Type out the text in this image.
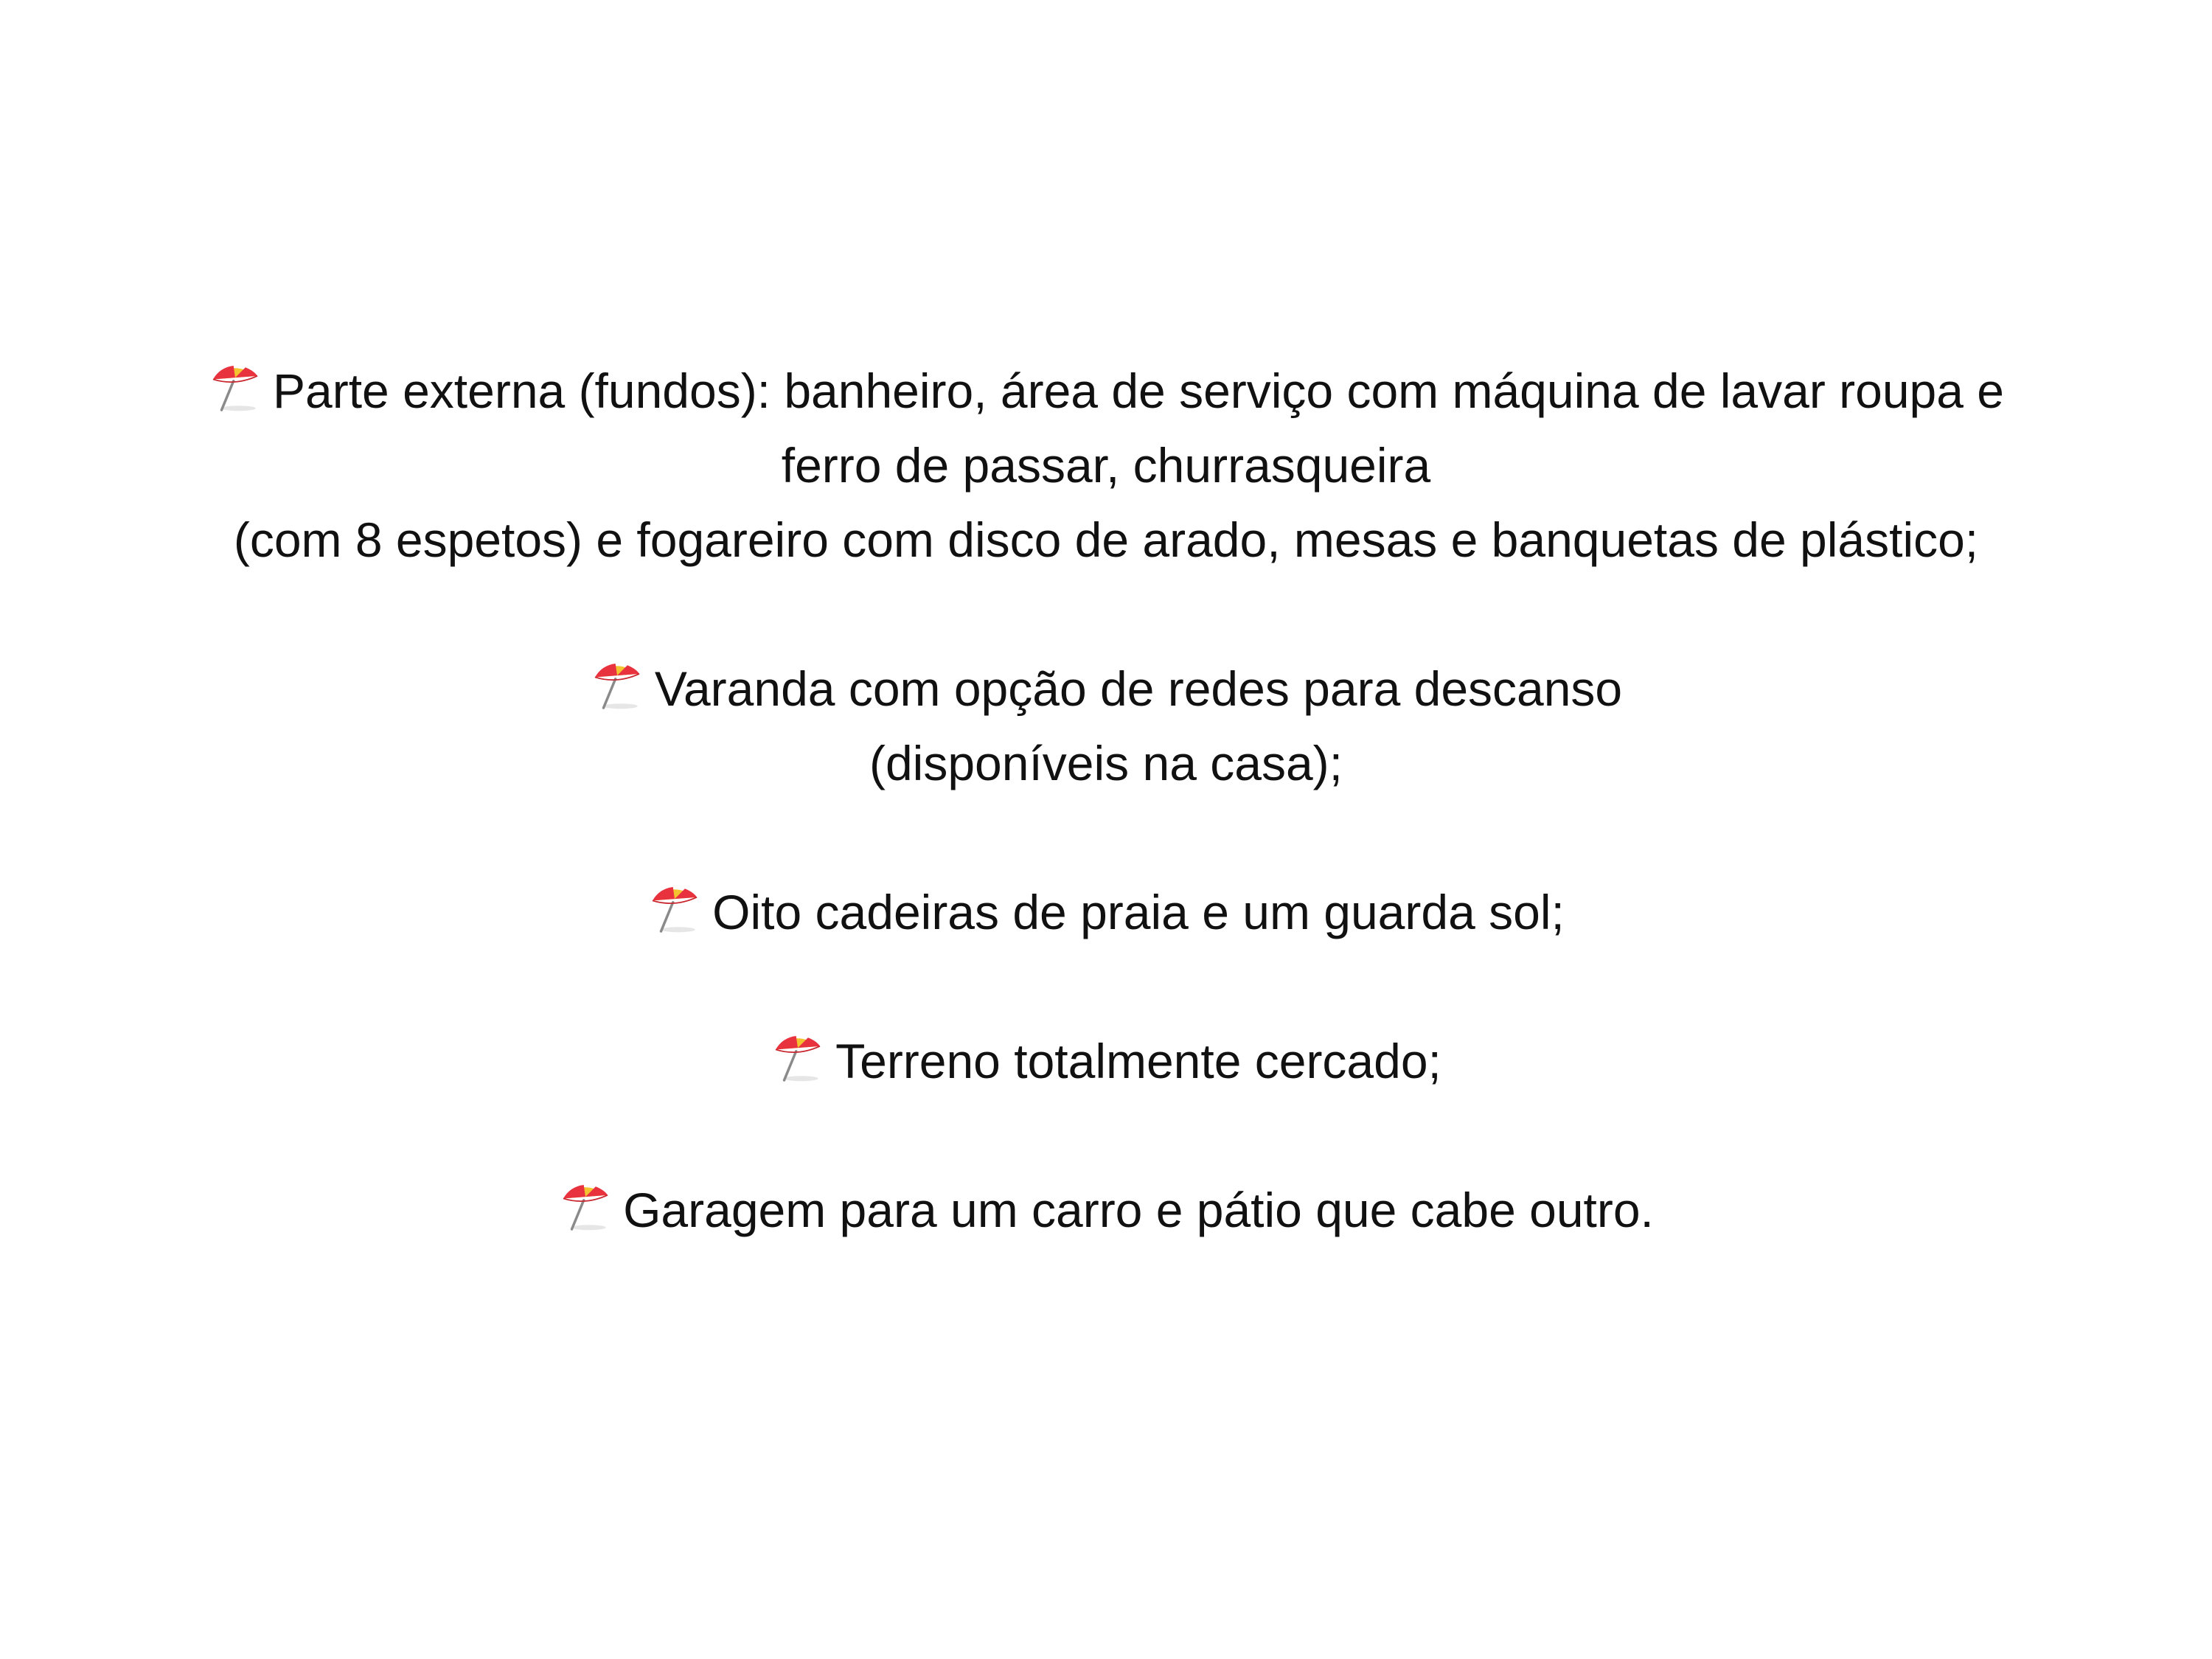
Parte externa (fundos): banheiro, área de serviço com máquina de lavar roupa e
ferro de passar, churrasqueira
(com 8 espetos) e fogareiro com disco de arado, mesas e banquetas de plástico;
Varanda com opção de redes para descanso
(disponíveis na casa);
Oito cadeiras de praia e um guarda sol;
Terreno totalmente cercado;
Garagem para um carro e pátio que cabe outro.
